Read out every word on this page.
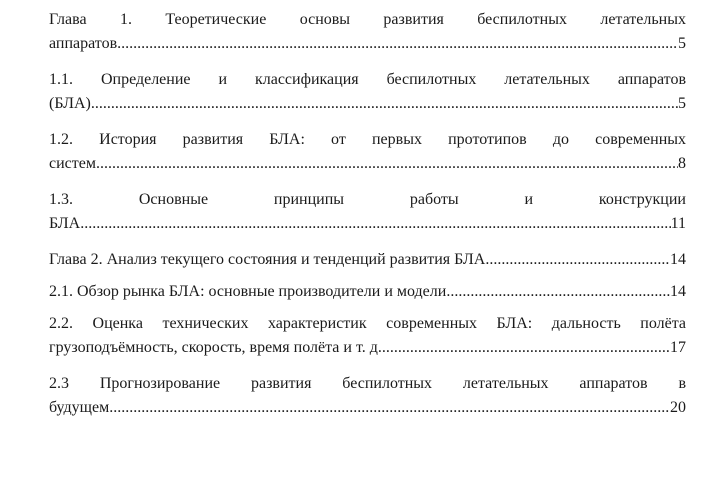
Глава 1. Теоретические основы развития беспилотных летательных
аппаратов .....	5
1.1. Определение и классификация беспилотных летательных аппаратов
(БЛА) .....	5
1.2. История развития БЛА: от первых прототипов до современных
систем .....	8
1.3. Основные принципы работы и конструкции
БЛА .....	11
Глава 2. Анализ текущего состояния и тенденций развития БЛА .....	14
2.1. Обзор рынка БЛА: основные производители и модели .....	14
2.2. Оценка технических характеристик современных БЛА: дальность полёта
грузоподъёмность, скорость, время полёта и т. д .....	17
2.3 Прогнозирование развития беспилотных летательных аппаратов в
будущем .....	20
